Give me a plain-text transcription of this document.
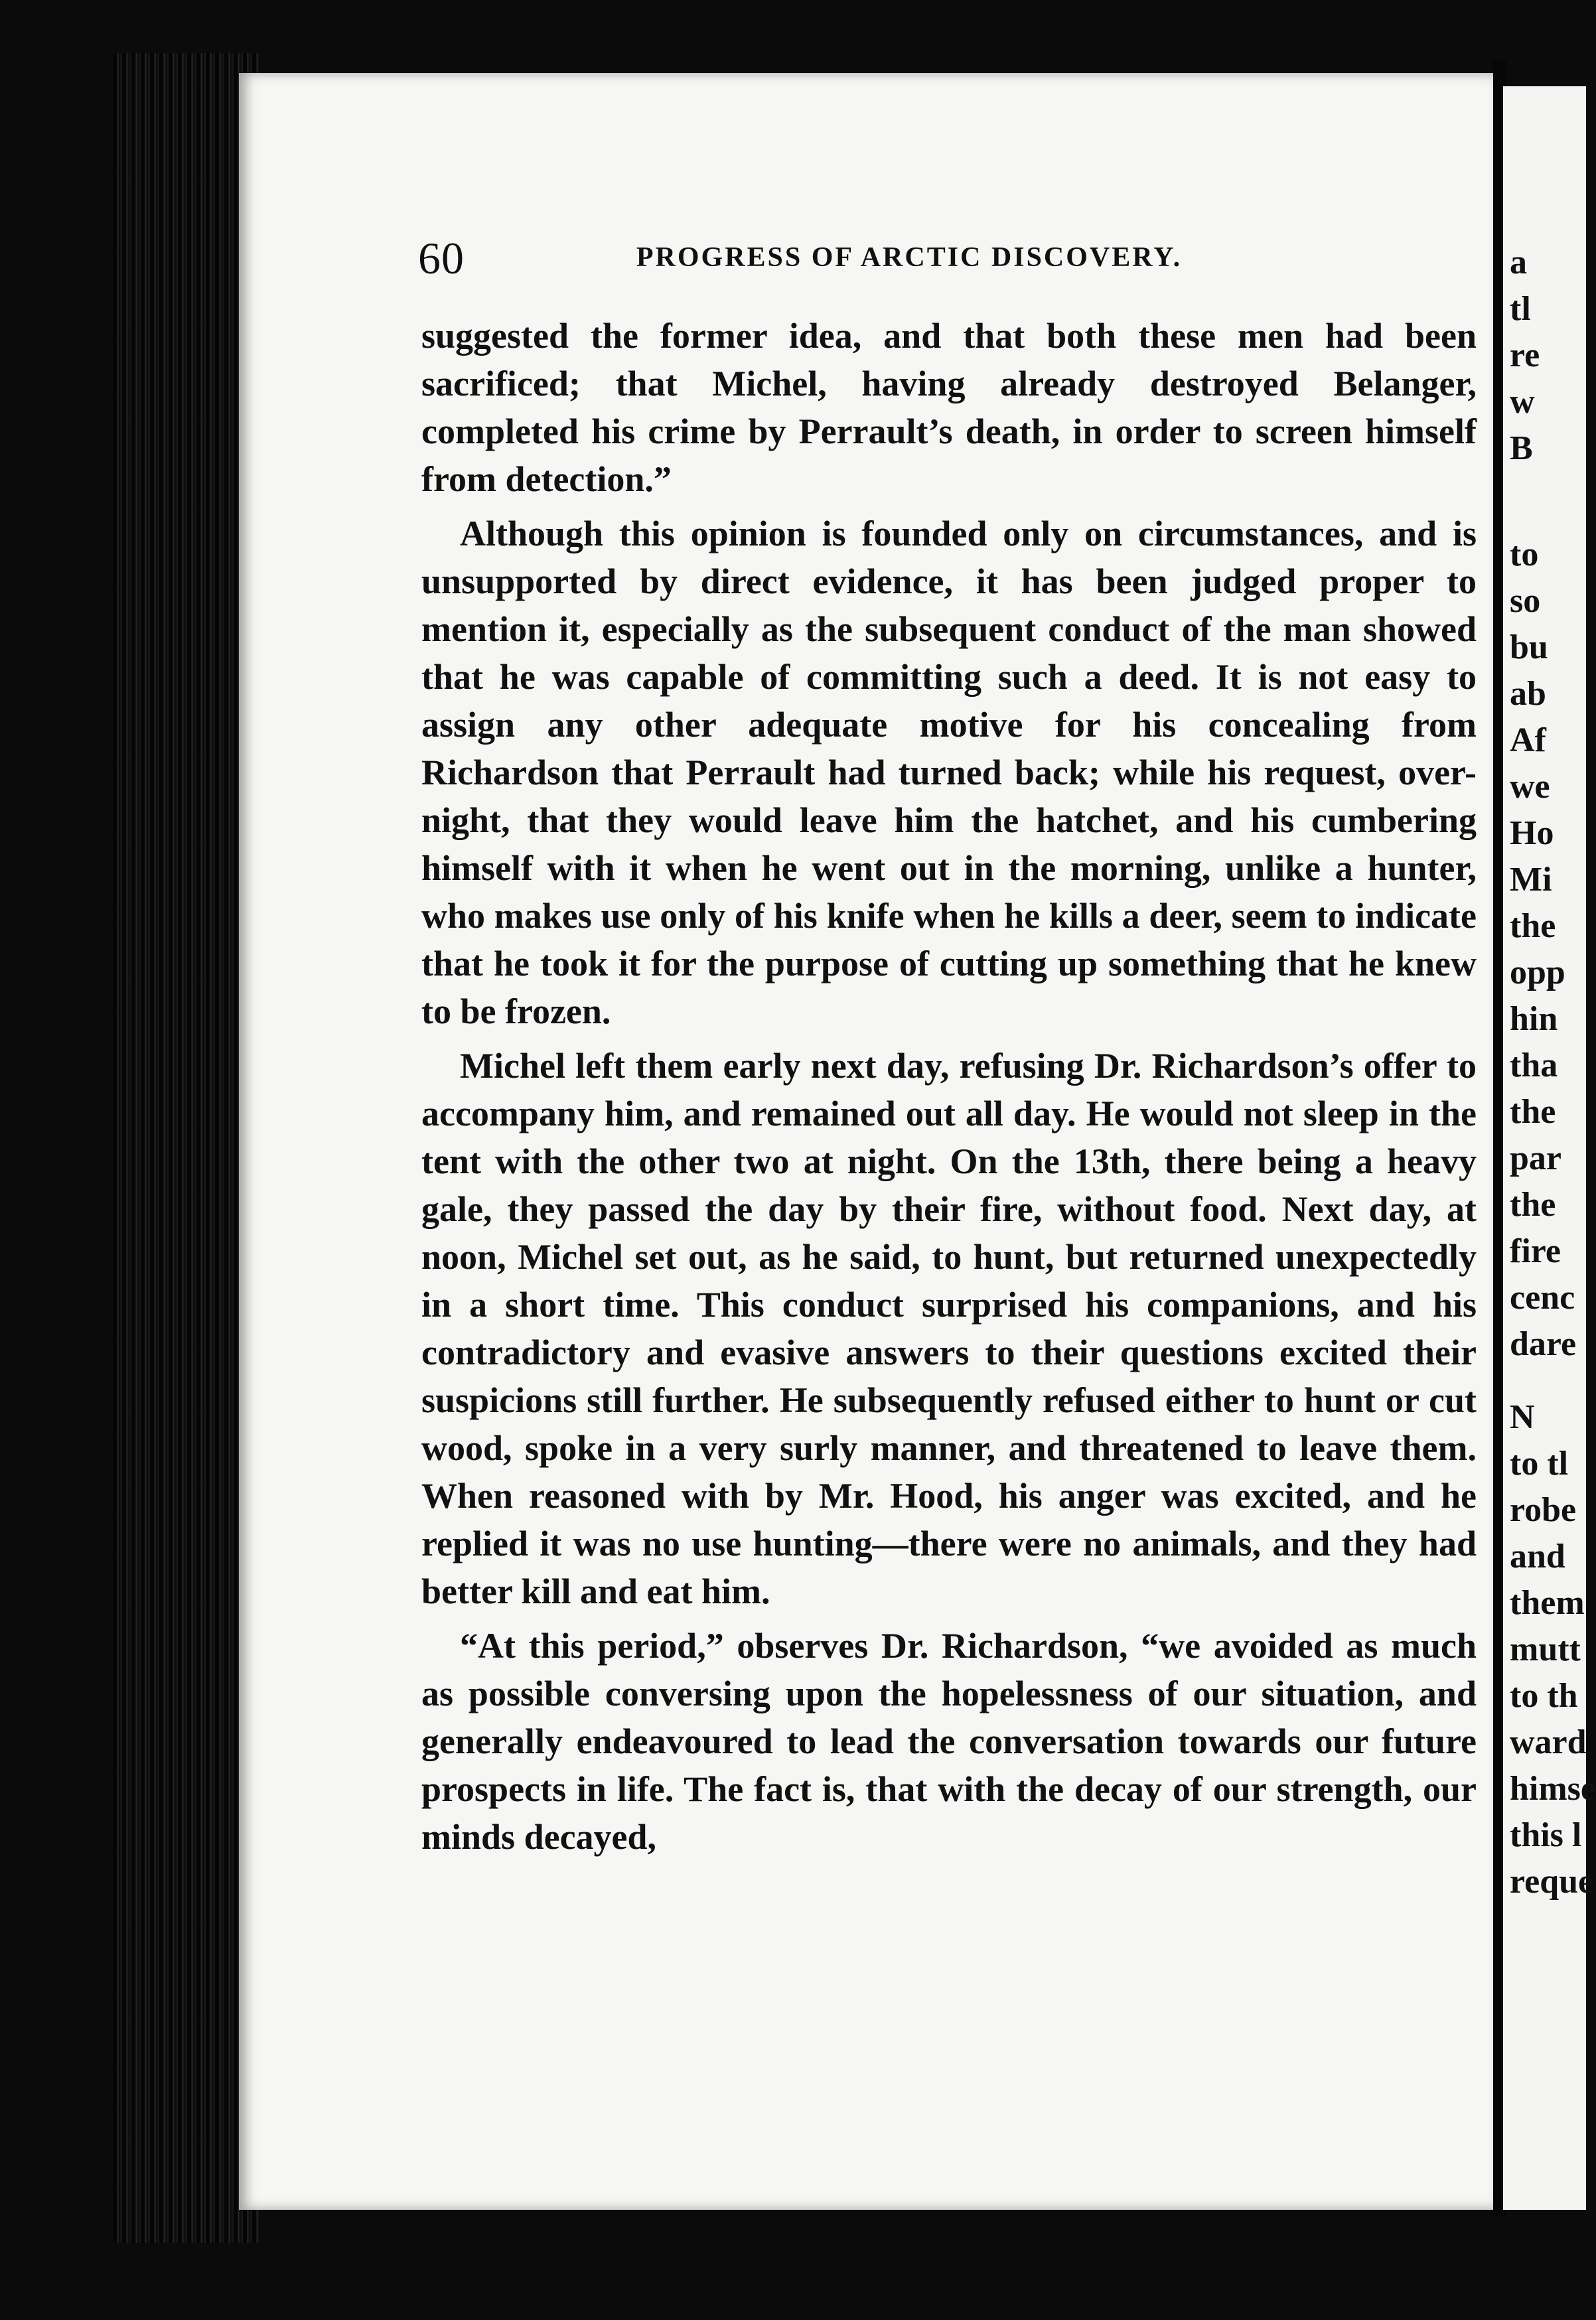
60	PROGRESS OF ARCTIC DISCOVERY.

suggested the former idea, and that both these men had been sacrificed; that Michel, having already destroyed Belanger, completed his crime by Perrault’s death, in order to screen himself from detection.”

Although this opinion is founded only on circumstances, and is unsupported by direct evidence, it has been judged proper to mention it, especially as the subsequent conduct of the man showed that he was capable of committing such a deed. It is not easy to assign any other adequate motive for his concealing from Richardson that Perrault had turned back; while his request, over-night, that they would leave him the hatchet, and his cumbering himself with it when he went out in the morning, unlike a hunter, who makes use only of his knife when he kills a deer, seem to indicate that he took it for the purpose of cutting up something that he knew to be frozen.

Michel left them early next day, refusing Dr. Richardson’s offer to accompany him, and remained out all day. He would not sleep in the tent with the other two at night. On the 13th, there being a heavy gale, they passed the day by their fire, without food. Next day, at noon, Michel set out, as he said, to hunt, but returned unexpectedly in a short time. This conduct surprised his companions, and his contradictory and evasive answers to their questions excited their suspicions still further. He subsequently refused either to hunt or cut wood, spoke in a very surly manner, and threatened to leave them. When reasoned with by Mr. Hood, his anger was excited, and he replied it was no use hunting—there were no animals, and they had better kill and eat him.

“At this period,” observes Dr. Richardson, “we avoided as much as possible conversing upon the hopelessness of our situation, and generally endeavoured to lead the conversation towards our future prospects in life. The fact is, that with the decay of our strength, our minds decayed,

a
tl
re
w
B
to
so
bu
ab
Af
we
Ho
Mi
the
opp
hin
tha
the
par
the
fire
cenc
dare
N
to tl
robe
and
them
mutt
to th
ward
himse
this l
reque
